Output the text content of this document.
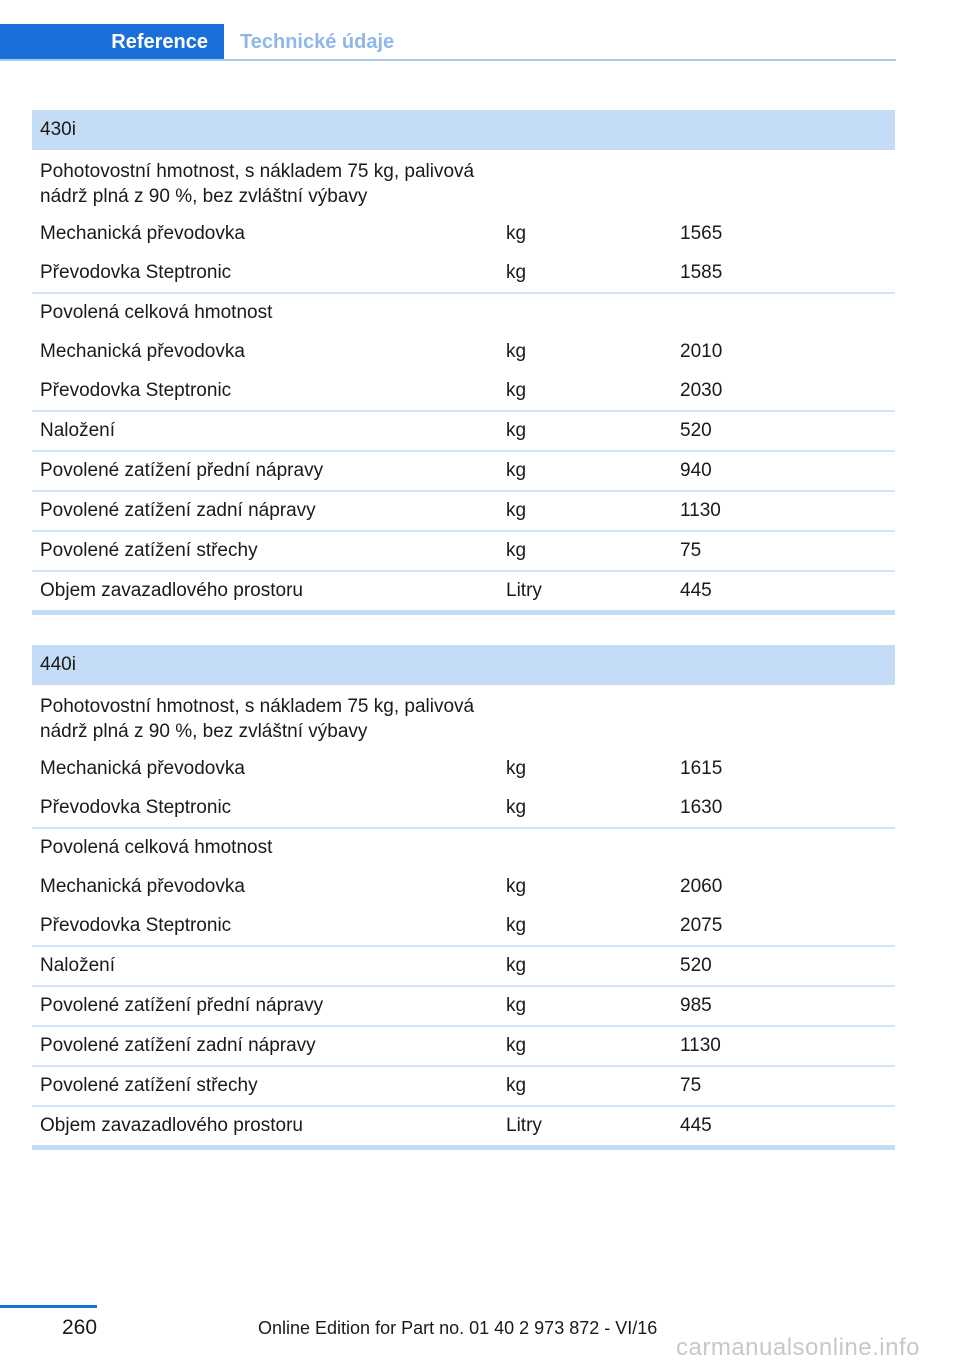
Reference	Technické údaje
430i
Pohotovostní hmotnost, s nákladem 75 kg, palivová nádrž plná z 90 %, bez zvláštní výbavy
Mechanická převodovka	kg	1565
Převodovka Steptronic	kg	1585
Povolená celková hmotnost
Mechanická převodovka	kg	2010
Převodovka Steptronic	kg	2030
Naložení	kg	520
Povolené zatížení přední nápravy	kg	940
Povolené zatížení zadní nápravy	kg	1130
Povolené zatížení střechy	kg	75
Objem zavazadlového prostoru	Litry	445
440i
Pohotovostní hmotnost, s nákladem 75 kg, palivová nádrž plná z 90 %, bez zvláštní výbavy
Mechanická převodovka	kg	1615
Převodovka Steptronic	kg	1630
Povolená celková hmotnost
Mechanická převodovka	kg	2060
Převodovka Steptronic	kg	2075
Naložení	kg	520
Povolené zatížení přední nápravy	kg	985
Povolené zatížení zadní nápravy	kg	1130
Povolené zatížení střechy	kg	75
Objem zavazadlového prostoru	Litry	445
260	Online Edition for Part no. 01 40 2 973 872 - VI/16
carmanualsonline.info
